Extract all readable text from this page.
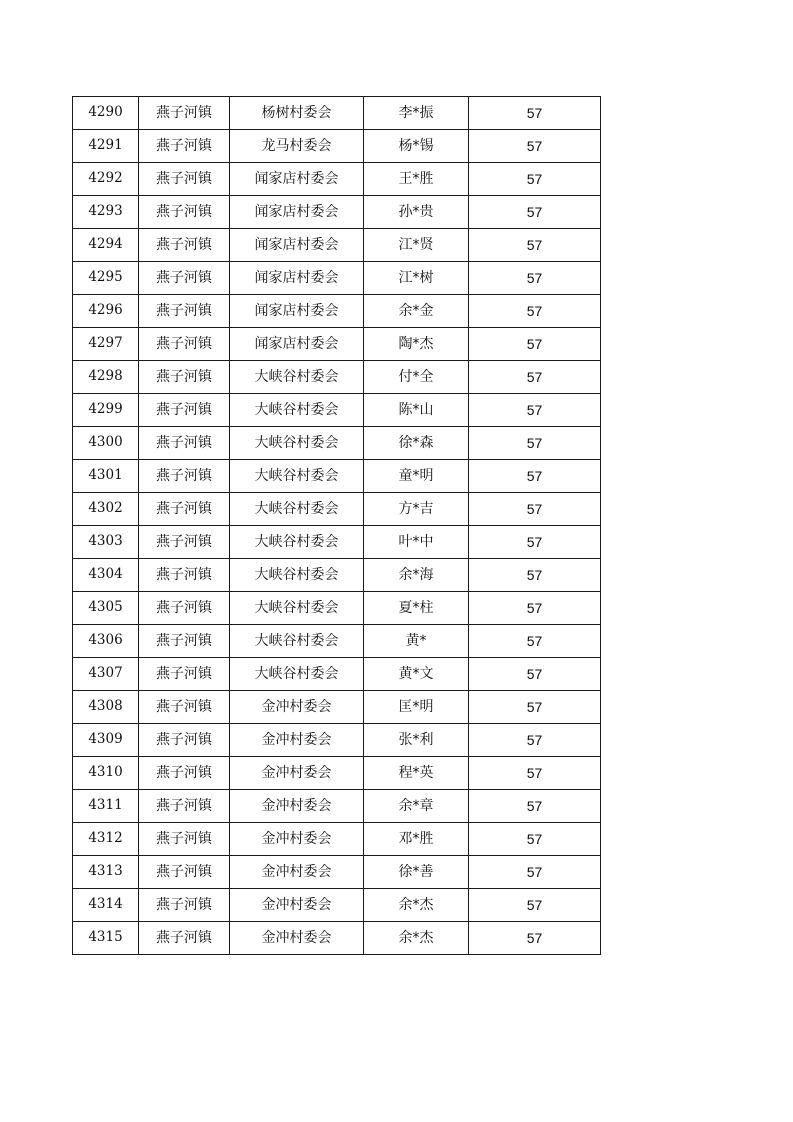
4290	燕子河镇	杨树村委会	李*振	57
4291	燕子河镇	龙马村委会	杨*锡	57
4292	燕子河镇	闻家店村委会	王*胜	57
4293	燕子河镇	闻家店村委会	孙*贵	57
4294	燕子河镇	闻家店村委会	江*贤	57
4295	燕子河镇	闻家店村委会	江*树	57
4296	燕子河镇	闻家店村委会	余*金	57
4297	燕子河镇	闻家店村委会	陶*杰	57
4298	燕子河镇	大峡谷村委会	付*全	57
4299	燕子河镇	大峡谷村委会	陈*山	57
4300	燕子河镇	大峡谷村委会	徐*森	57
4301	燕子河镇	大峡谷村委会	童*明	57
4302	燕子河镇	大峡谷村委会	方*吉	57
4303	燕子河镇	大峡谷村委会	叶*中	57
4304	燕子河镇	大峡谷村委会	余*海	57
4305	燕子河镇	大峡谷村委会	夏*柱	57
4306	燕子河镇	大峡谷村委会	黄*	57
4307	燕子河镇	大峡谷村委会	黄*文	57
4308	燕子河镇	金冲村委会	匡*明	57
4309	燕子河镇	金冲村委会	张*利	57
4310	燕子河镇	金冲村委会	程*英	57
4311	燕子河镇	金冲村委会	余*章	57
4312	燕子河镇	金冲村委会	邓*胜	57
4313	燕子河镇	金冲村委会	徐*善	57
4314	燕子河镇	金冲村委会	余*杰	57
4315	燕子河镇	金冲村委会	余*杰	57
